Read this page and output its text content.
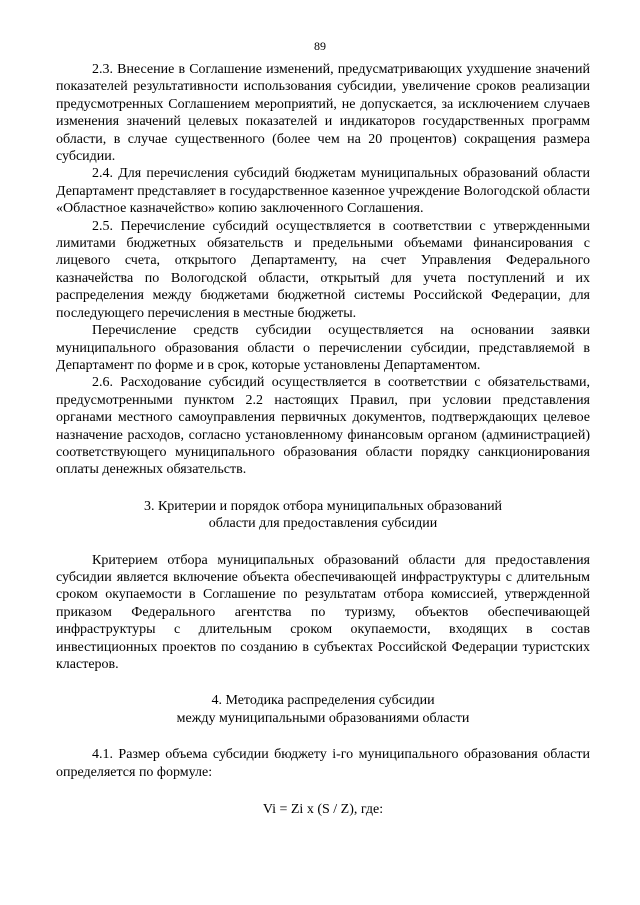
89

2.3. Внесение в Соглашение изменений, предусматривающих ухудшение значений показателей результативности использования субсидии, увеличение сроков реализации предусмотренных Соглашением мероприятий, не допускается, за исключением случаев изменения значений целевых показателей и индикаторов государственных программ области, в случае существенного (более чем на 20 процентов) сокращения размера субсидии.

2.4. Для перечисления субсидий бюджетам муниципальных образований области Департамент представляет в государственное казенное учреждение Вологодской области «Областное казначейство» копию заключенного Соглашения.

2.5. Перечисление субсидий осуществляется в соответствии с утвержденными лимитами бюджетных обязательств и предельными объемами финансирования с лицевого счета, открытого Департаменту, на счет Управления Федерального казначейства по Вологодской области, открытый для учета поступлений и их распределения между бюджетами бюджетной системы Российской Федерации, для последующего перечисления в местные бюджеты.

Перечисление средств субсидии осуществляется на основании заявки муниципального образования области о перечислении субсидии, представляемой в Департамент по форме и в срок, которые установлены Департаментом.

2.6. Расходование субсидий осуществляется в соответствии с обязательствами, предусмотренными пунктом 2.2 настоящих Правил, при условии представления органами местного самоуправления первичных документов, подтверждающих целевое назначение расходов, согласно установленному финансовым органом (администрацией) соответствующего муниципального образования области порядку санкционирования оплаты денежных обязательств.

3. Критерии и порядок отбора муниципальных образований

области для предоставления субсидии

Критерием отбора муниципальных образований области для предоставления субсидии является включение объекта обеспечивающей инфраструктуры с длительным сроком окупаемости в Соглашение по результатам отбора комиссией, утвержденной приказом Федерального агентства по туризму, объектов обеспечивающей инфраструктуры с длительным сроком окупаемости, входящих в состав инвестиционных проектов по созданию в субъектах Российской Федерации туристских кластеров.

4. Методика распределения субсидии

между муниципальными образованиями области

4.1. Размер объема субсидии бюджету i-го муниципального образования области определяется по формуле:

Vi = Zi x (S / Z), где:
